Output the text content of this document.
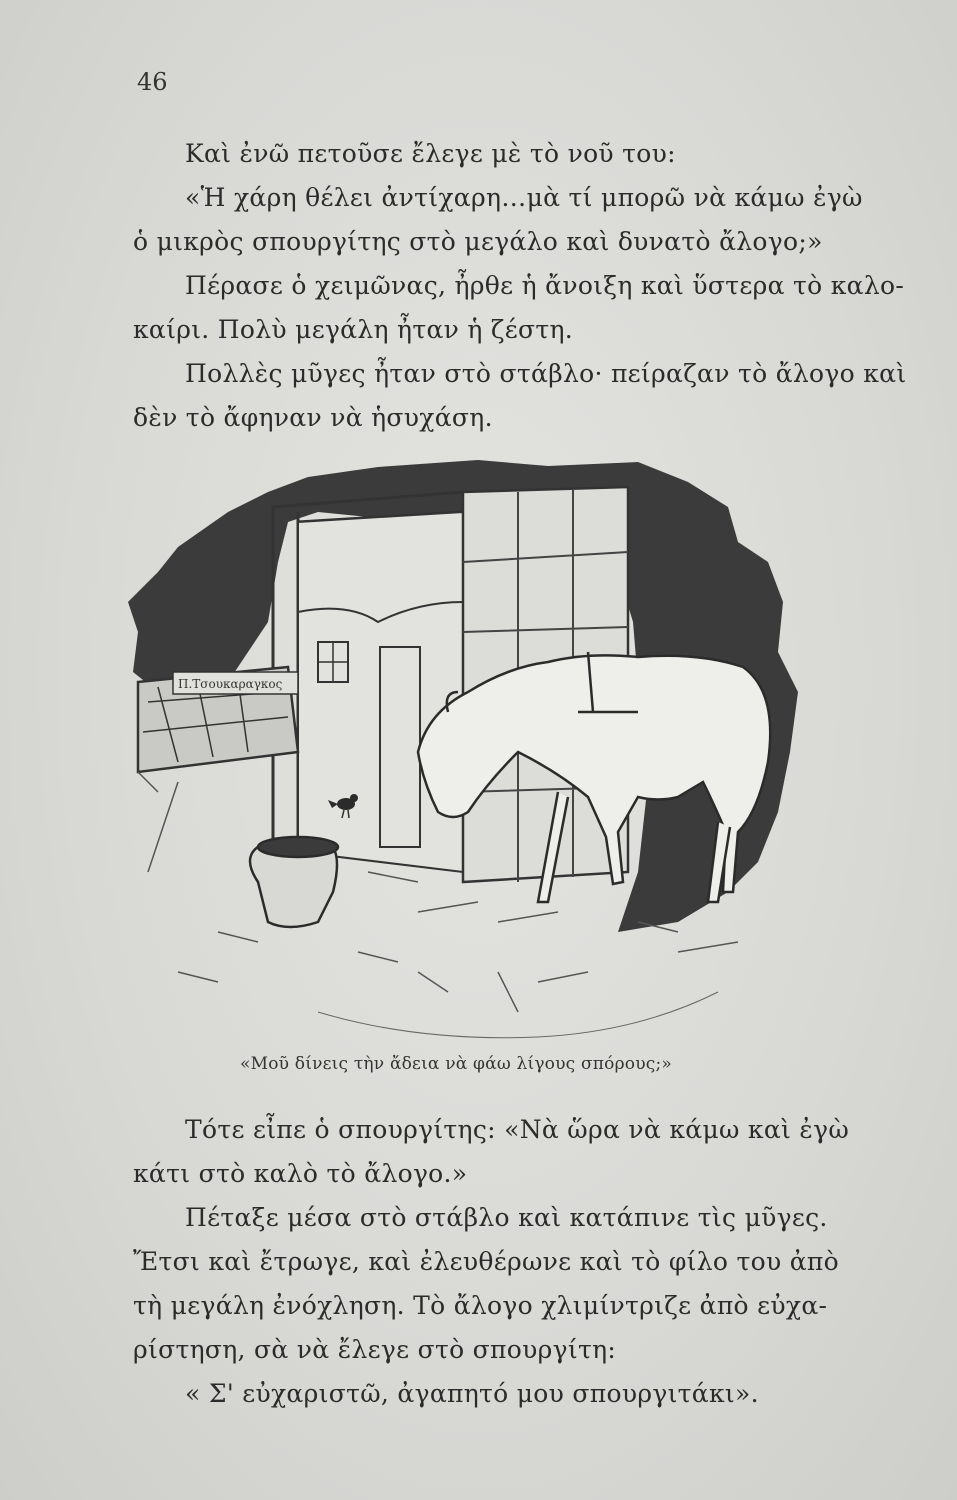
46

Καὶ ἐνῶ πετοῦσε ἔλεγε μὲ τὸ νοῦ του:

«Ἡ χάρη θέλει ἀντίχαρη…μὰ τί μπορῶ νὰ κάμω ἐγὼ
ὁ μικρὸς σπουργίτης στὸ μεγάλο καὶ δυνατὸ ἄλογο;»

Πέρασε ὁ χειμῶνας, ἦρθε ἡ ἄνοιξη καὶ ὕστερα τὸ καλο-
καίρι. Πολὺ μεγάλη ἦταν ἡ ζέστη.

Πολλὲς μῦγες ἦταν στὸ στάβλο· πείραζαν τὸ ἄλογο καὶ
δὲν τὸ ἄφηναν νὰ ἡσυχάση.

Π.Τσουκαραγκος
«Μοῦ δίνεις τὴν ἄδεια νὰ φάω λίγους σπόρους;»

Τότε εἶπε ὁ σπουργίτης: «Νὰ ὥρα νὰ κάμω καὶ ἐγὼ
κάτι στὸ καλὸ τὸ ἄλογο.»

Πέταξε μέσα στὸ στάβλο καὶ κατάπινε τὶς μῦγες.
Ἔτσι καὶ ἔτρωγε, καὶ ἐλευθέρωνε καὶ τὸ φίλο του ἀπὸ
τὴ μεγάλη ἐνόχληση. Τὸ ἄλογο χλιμίντριζε ἀπὸ εὐχα-
ρίστηση, σὰ νὰ ἔλεγε στὸ σπουργίτη:

« Σ' εὐχαριστῶ, ἀγαπητό μου σπουργιτάκι».
